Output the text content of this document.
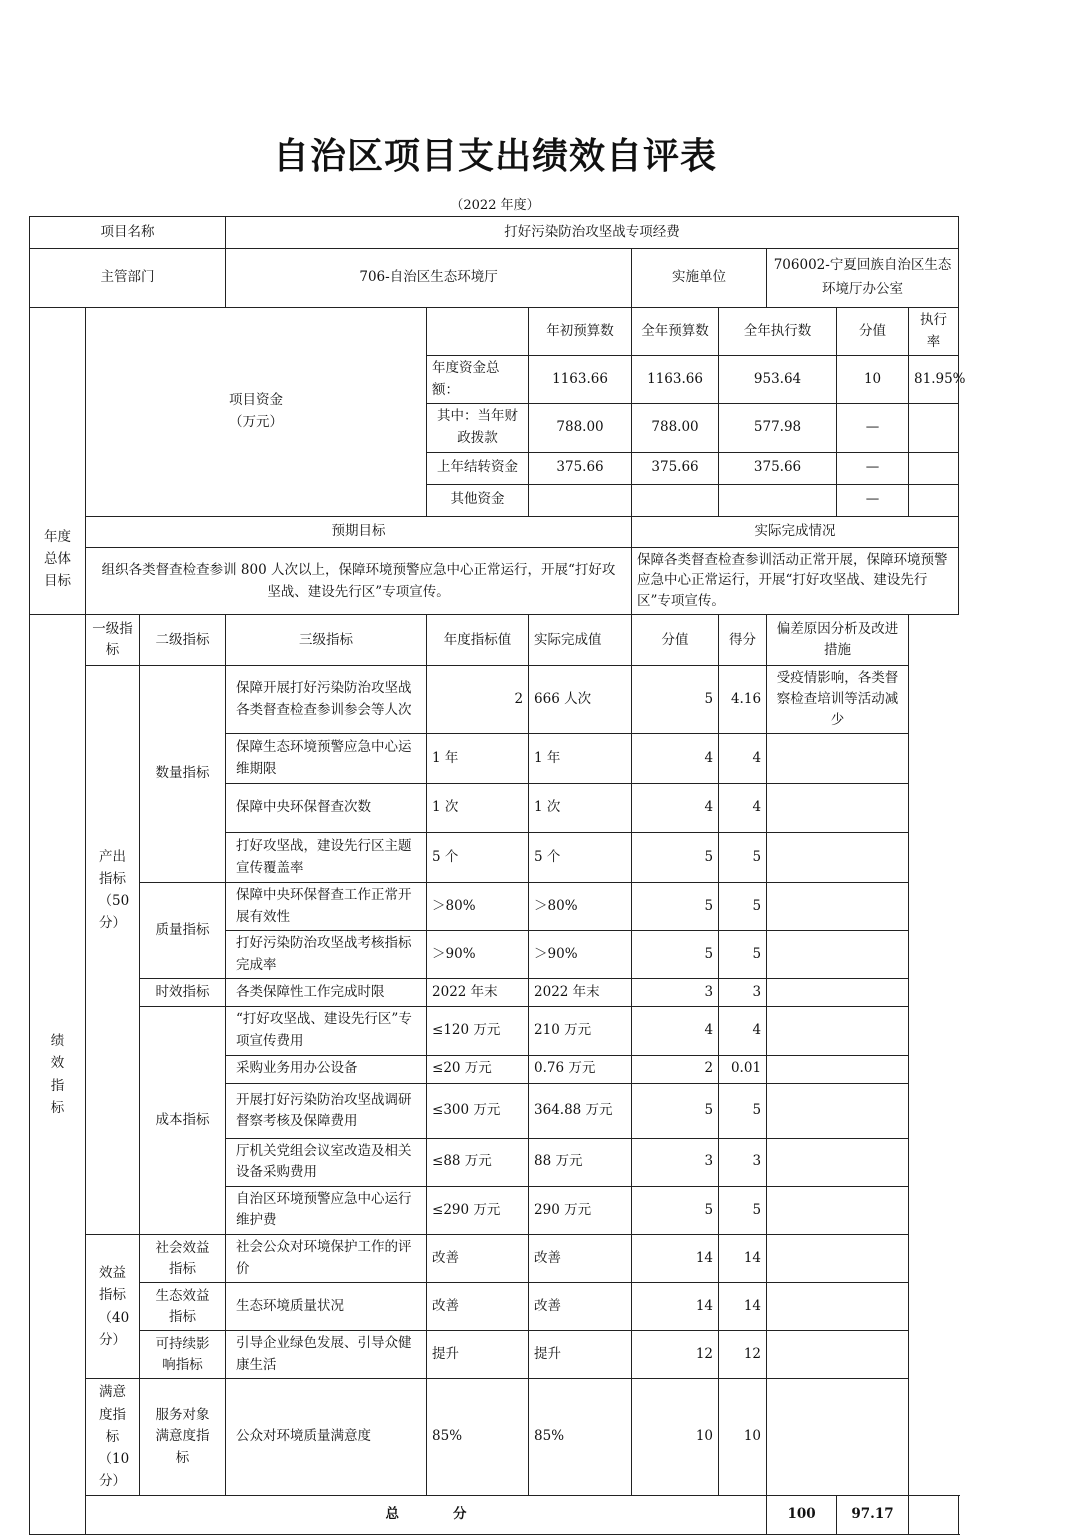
自治区项目支出绩效自评表
（2022 年度）
项目名称			打好污染防治攻坚战专项经费								
主管部门			706-自治区生态环境厅			实施单位		706002-宁夏回族自治区生态环境厅办公室			
年度总体目标	项目资金（万元）				年初预算数	全年预算数	全年执行数		分值	执行率	
				年度资金总额：	1163.66	1163.66	953.64		10	81.95%	
				其中：当年财政拨款	788.00	788.00	577.98		—		
				上年结转资金	375.66	375.66	375.66		—		
				其他资金					—		
	预期目标					实际完成情况					
	组织各类督查检查参训 800 人次以上，保障环境预警应急中心正常运行，开展“打好攻坚战、建设先行区”专项宣传。					保障各类督查检查参训活动正常开展，保障环境预警应急中心正常运行，开展“打好攻坚战、建设先行区”专项宣传。					
绩效指标	一级指标	二级指标	三级指标	年度指标值	实际完成值	分值	得分	偏差原因分析及改进措施			
	产出指标（50分）	数量指标	保障开展打好污染防治攻坚战各类督查检查参训参会等人次	2	666 人次	5	4.16	受疫情影响，各类督察检查培训等活动减少			
			保障生态环境预警应急中心运维期限	1 年	1 年	4	4				
			保障中央环保督查次数	1 次	1 次	4	4				
			打好攻坚战，建设先行区主题宣传覆盖率	5 个	5 个	5	5				
		质量指标	保障中央环保督查工作正常开展有效性	＞80%	＞80%	5	5				
			打好污染防治攻坚战考核指标完成率	＞90%	＞90%	5	5				
		时效指标	各类保障性工作完成时限	2022 年末	2022 年末	3	3				
		成本指标	“打好攻坚战、建设先行区”专项宣传费用	≤120 万元	210 万元	4	4				
			采购业务用办公设备	≤20 万元	0.76 万元	2	0.01				
			开展打好污染防治攻坚战调研督察考核及保障费用	≤300 万元	364.88 万元	5	5				
			厅机关党组会议室改造及相关设备采购费用	≤88 万元	88 万元	3	3				
			自治区环境预警应急中心运行维护费	≤290 万元	290 万元	5	5				
	效益指标（40分）	社会效益指标	社会公众对环境保护工作的评价	改善	改善	14	14				
		生态效益指标	生态环境质量状况	改善	改善	14	14				
		可持续影响指标	引导企业绿色发展、引导众健康生活	提升	提升	12	12				
	满意度指标（10分）	服务对象满意度指标	公众对环境质量满意度	85%	85%	10	10				
	总　　　　分							100	97.17		
